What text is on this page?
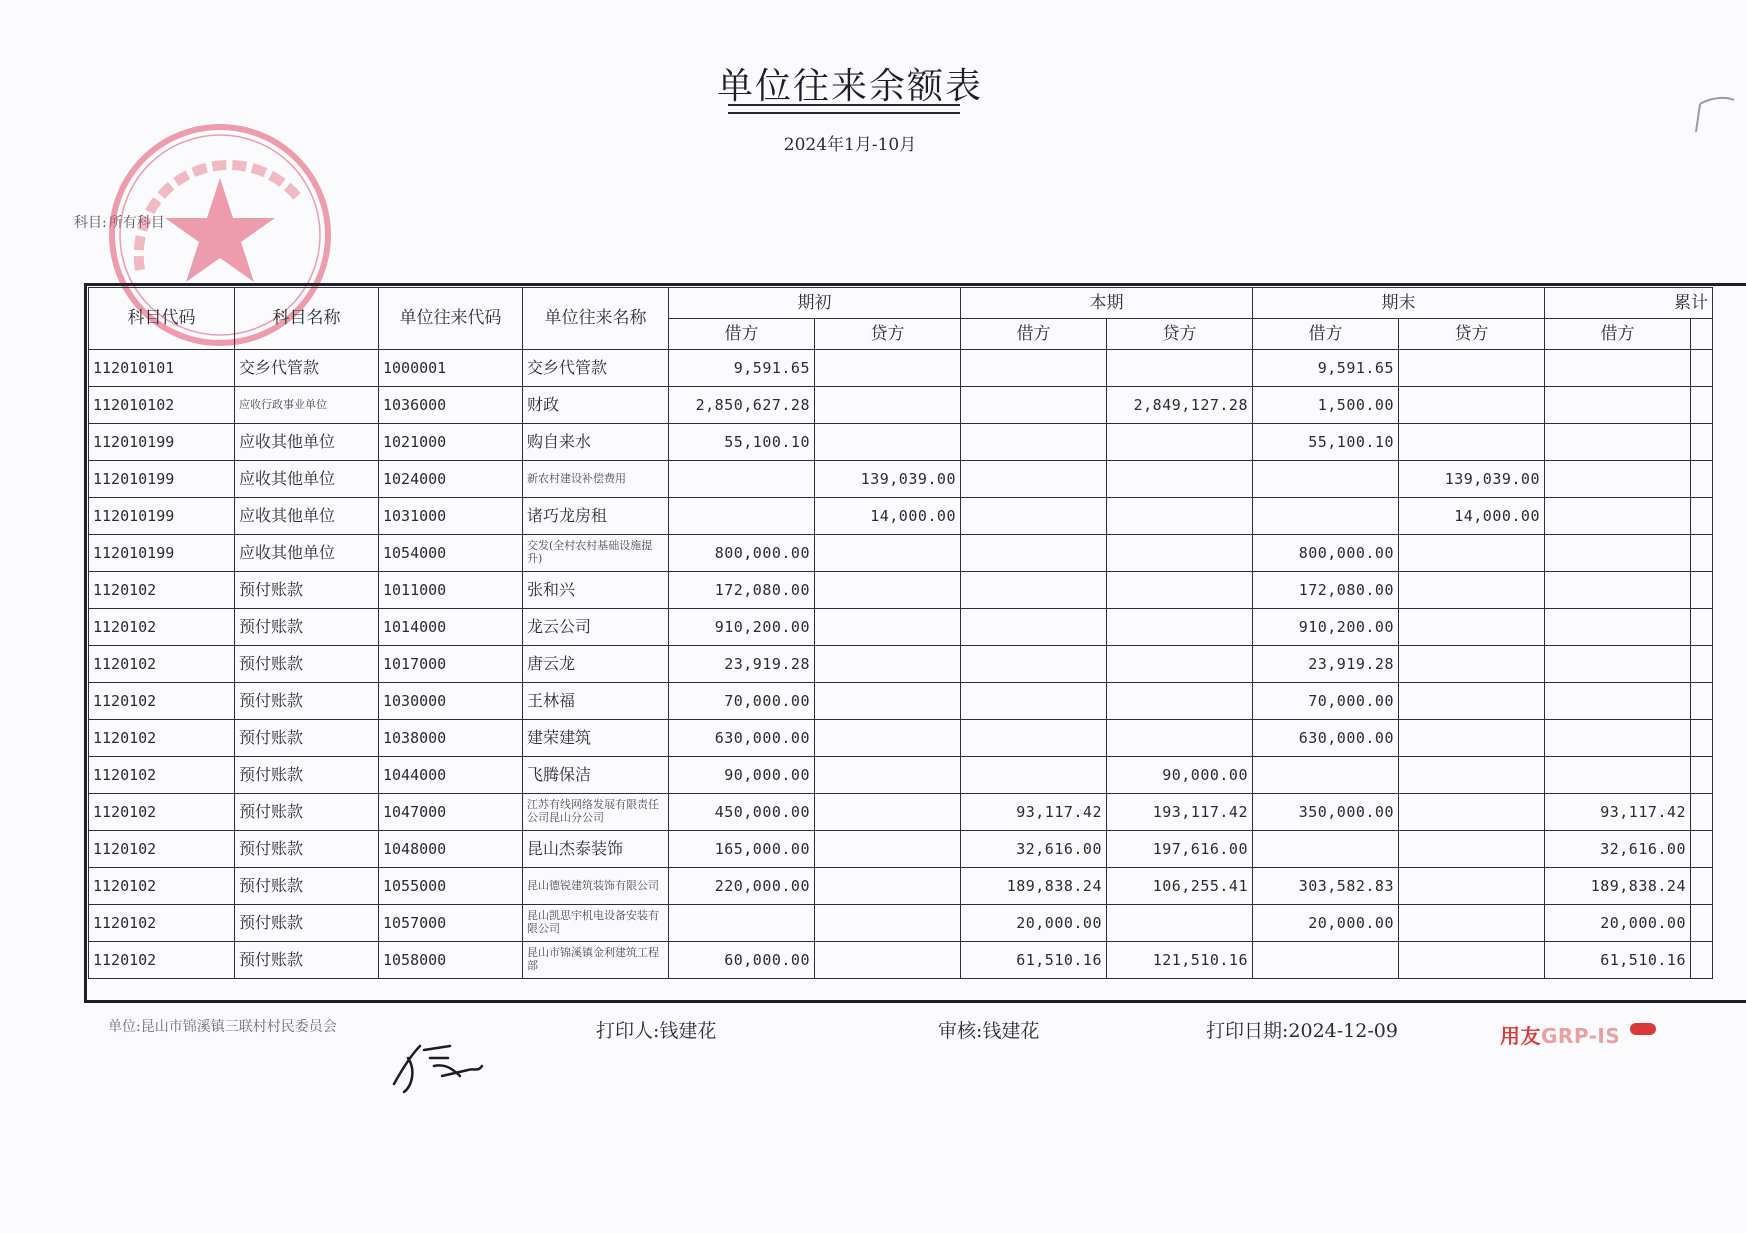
单位往来余额表
2024年1月-10月
科目: 所有科目
科目代码	科目名称	单位往来代码	单位往来名称	期初		本期		期末		累计	
				借方	贷方	借方	贷方	借方	贷方	借方	
112010101	交乡代管款	1000001	交乡代管款	9,591.65				9,591.65			
112010102	应收行政事业单位	1036000	财政	2,850,627.28			2,849,127.28	1,500.00			
112010199	应收其他单位	1021000	购自来水	55,100.10				55,100.10			
112010199	应收其他单位	1024000	新农村建设补偿费用		139,039.00				139,039.00		
112010199	应收其他单位	1031000	诸巧龙房租		14,000.00				14,000.00		
112010199	应收其他单位	1054000	交发(全村农村基础设施提升)	800,000.00				800,000.00			
1120102	预付账款	1011000	张和兴	172,080.00				172,080.00			
1120102	预付账款	1014000	龙云公司	910,200.00				910,200.00			
1120102	预付账款	1017000	唐云龙	23,919.28				23,919.28			
1120102	预付账款	1030000	王林福	70,000.00				70,000.00			
1120102	预付账款	1038000	建荣建筑	630,000.00				630,000.00			
1120102	预付账款	1044000	飞腾保洁	90,000.00			90,000.00				
1120102	预付账款	1047000	江苏有线网络发展有限责任公司昆山分公司	450,000.00		93,117.42	193,117.42	350,000.00		93,117.42	
1120102	预付账款	1048000	昆山杰泰装饰	165,000.00		32,616.00	197,616.00			32,616.00	
1120102	预付账款	1055000	昆山德锐建筑装饰有限公司	220,000.00		189,838.24	106,255.41	303,582.83		189,838.24	
1120102	预付账款	1057000	昆山凯思宇机电设备安装有限公司			20,000.00		20,000.00		20,000.00	
1120102	预付账款	1058000	昆山市锦溪镇金利建筑工程部	60,000.00		61,510.16	121,510.16			61,510.16	
单位:昆山市锦溪镇三联村村民委员会	打印人:钱建花	审核:钱建花	打印日期:2024-12-09	用友GRP-IS
